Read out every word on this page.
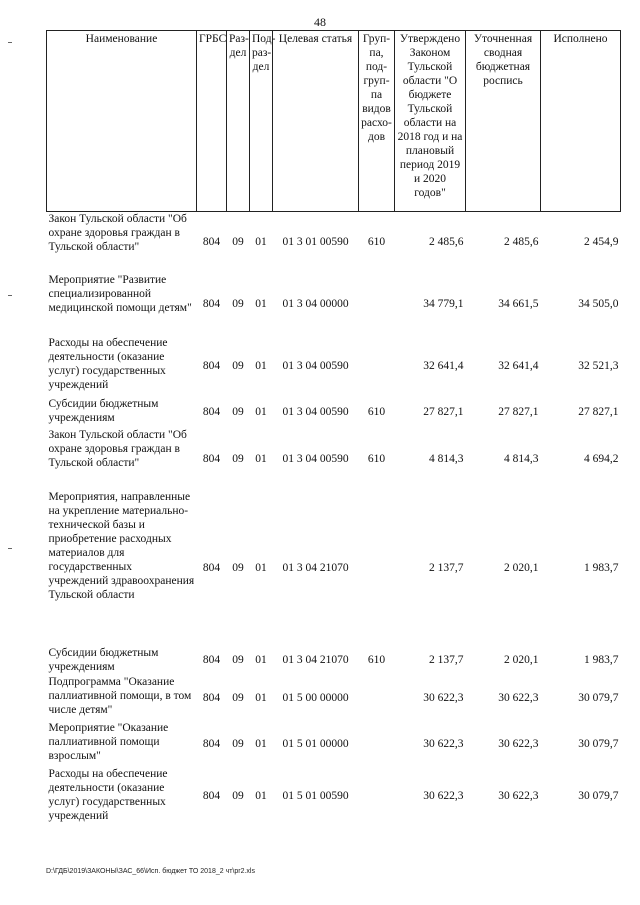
48
Наименование	ГРБС	Раз-дел	Под-раз-дел	Целевая статья	Груп-па, под-груп-па видов расхо-дов	Утверждено Законом Тульской области "О бюджете Тульской области на 2018 год и на плановый период 2019 и 2020 годов"	Уточненная сводная бюджетная роспись	Исполнено
Закон Тульской области "Об охране здоровья граждан в Тульской области"	804	09	01	01 3 01 00590	610	2 485,6	2 485,6	2 454,9
Мероприятие "Развитие специализированной медицинской помощи детям"	804	09	01	01 3 04 00000		34 779,1	34 661,5	34 505,0
Расходы на обеспечение деятельности (оказание услуг) государственных учреждений	804	09	01	01 3 04 00590		32 641,4	32 641,4	32 521,3
Субсидии бюджетным учреждениям	804	09	01	01 3 04 00590	610	27 827,1	27 827,1	27 827,1
Закон Тульской области "Об охране здоровья граждан в Тульской области"	804	09	01	01 3 04 00590	610	4 814,3	4 814,3	4 694,2
Мероприятия, направленные на укрепление материально-технической базы и приобретение расходных материалов для государственных учреждений здравоохранения Тульской области	804	09	01	01 3 04 21070		2 137,7	2 020,1	1 983,7
Субсидии бюджетным учреждениям	804	09	01	01 3 04 21070	610	2 137,7	2 020,1	1 983,7
Подпрограмма "Оказание паллиативной помощи, в том числе детям"	804	09	01	01 5 00 00000		30 622,3	30 622,3	30 079,7
Мероприятие "Оказание паллиативной помощи взрослым"	804	09	01	01 5 01 00000		30 622,3	30 622,3	30 079,7
Расходы на обеспечение деятельности (оказание услуг) государственных учреждений	804	09	01	01 5 01 00590		30 622,3	30 622,3	30 079,7
D:\ГДБ\2019\ЗАКОНЫ\ЗАС_66\Исп. бюджет ТО 2018_2 чт\pr2.xls
